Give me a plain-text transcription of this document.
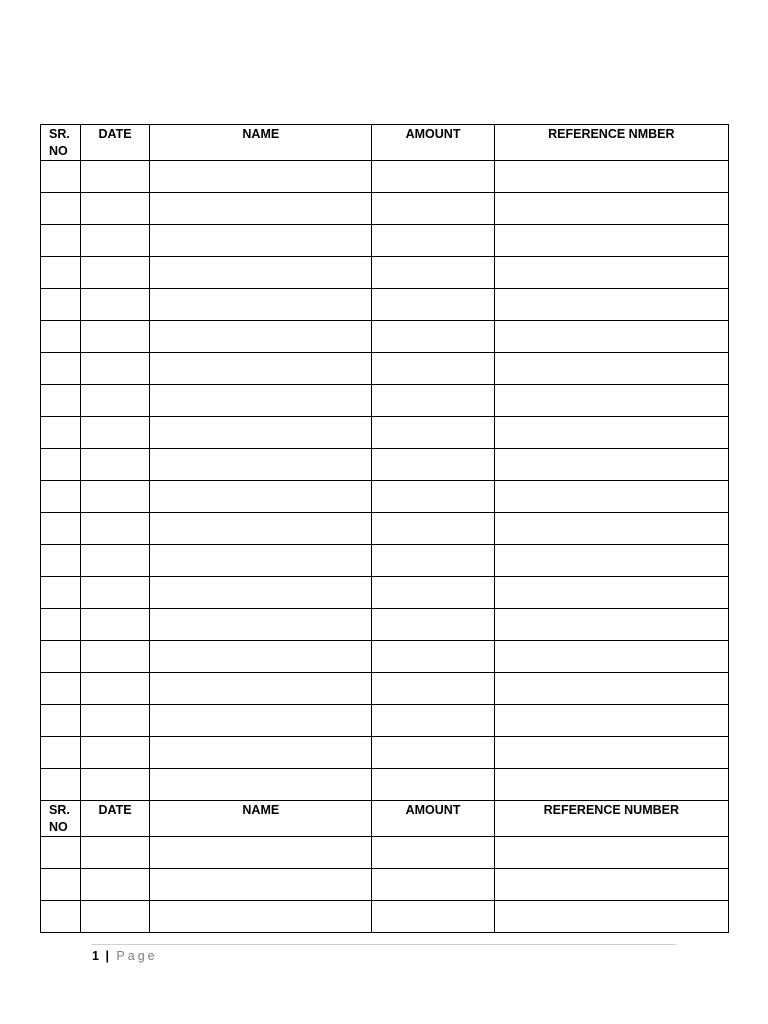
SR.
NO	DATE	NAME	AMOUNT	REFERENCE NMBER

SR.
NO	DATE	NAME	AMOUNT	REFERENCE NUMBER

1 | Page
